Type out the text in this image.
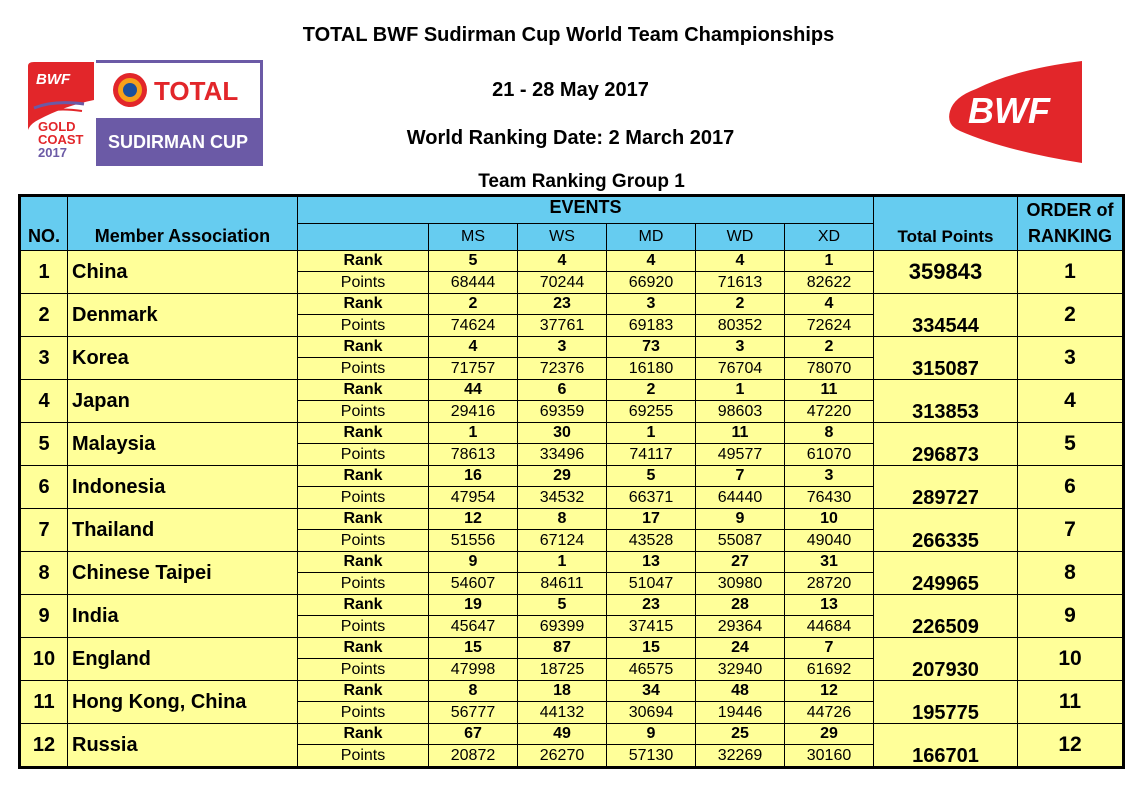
TOTAL BWF Sudirman Cup World Team Championships
21 - 28 May 2017
World Ranking Date: 2 March 2017
Team Ranking Group 1
BWF
GOLD
COAST
2017
TOTAL
SUDIRMAN CUP
BWF
		EVENTS							ORDER of
NO.	Member Association		MS	WS	MD	WD	XD	Total Points	RANKING
1	China	Rank	5	4	4	4	1	359843	1
		Points	68444	70244	66920	71613	82622		
2	Denmark	Rank	2	23	3	2	4	334544	2
		Points	74624	37761	69183	80352	72624		
3	Korea	Rank	4	3	73	3	2	315087	3
		Points	71757	72376	16180	76704	78070		
4	Japan	Rank	44	6	2	1	11	313853	4
		Points	29416	69359	69255	98603	47220		
5	Malaysia	Rank	1	30	1	11	8	296873	5
		Points	78613	33496	74117	49577	61070		
6	Indonesia	Rank	16	29	5	7	3	289727	6
		Points	47954	34532	66371	64440	76430		
7	Thailand	Rank	12	8	17	9	10	266335	7
		Points	51556	67124	43528	55087	49040		
8	Chinese Taipei	Rank	9	1	13	27	31	249965	8
		Points	54607	84611	51047	30980	28720		
9	India	Rank	19	5	23	28	13	226509	9
		Points	45647	69399	37415	29364	44684		
10	England	Rank	15	87	15	24	7	207930	10
		Points	47998	18725	46575	32940	61692		
11	Hong Kong, China	Rank	8	18	34	48	12	195775	11
		Points	56777	44132	30694	19446	44726		
12	Russia	Rank	67	49	9	25	29	166701	12
		Points	20872	26270	57130	32269	30160		
